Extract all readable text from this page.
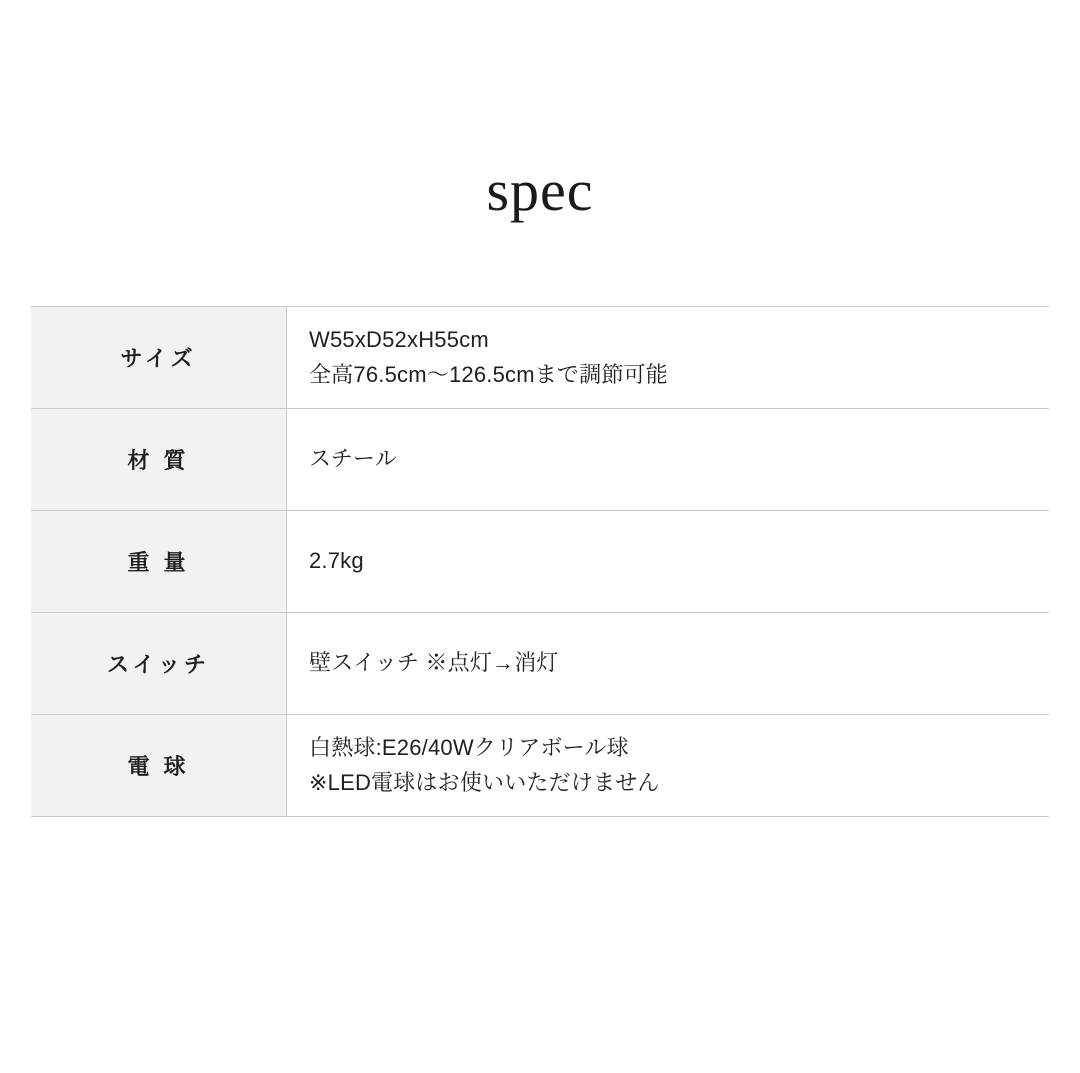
spec
サイズ	W55xD52xH55cm
全高76.5cm〜126.5cmまで調節可能

材 質	スチール

重 量	2.7kg

スイッチ	壁スイッチ ※点灯→消灯

電 球	白熱球:E26/40Wクリアボール球
※LED電球はお使いいただけません
